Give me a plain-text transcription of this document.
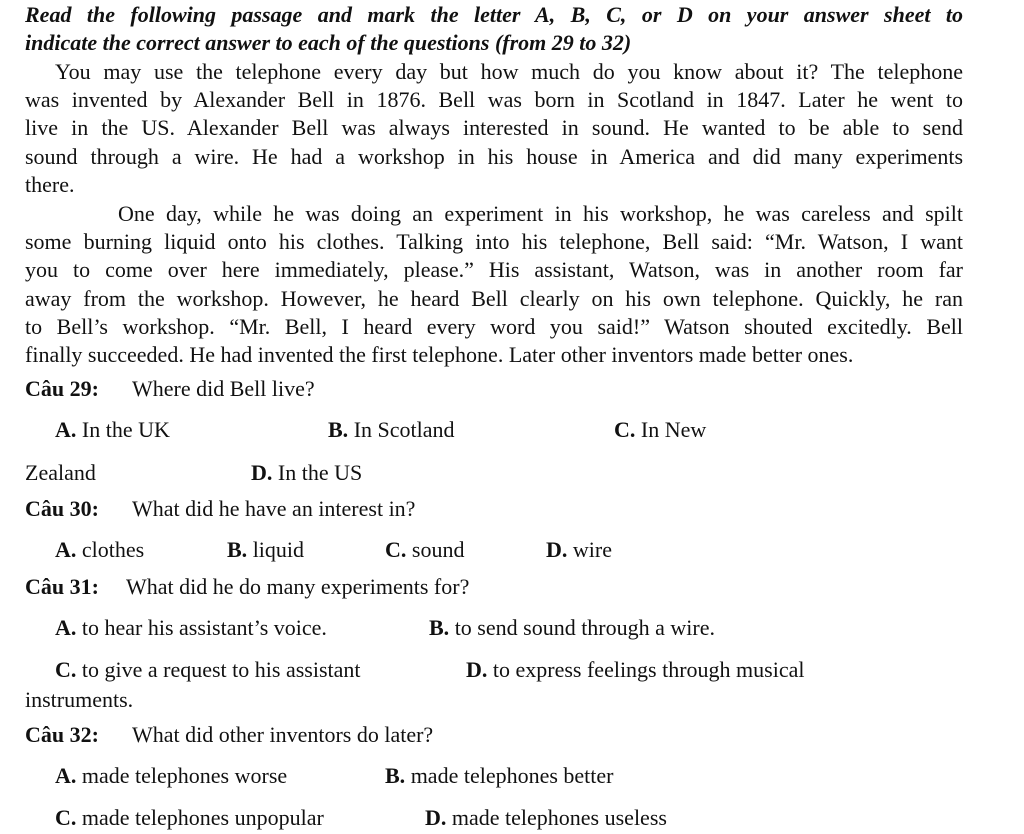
Read the following passage and mark the letter A, B, C, or D on your answer sheet to
indicate the correct answer to each of the questions (from 29 to 32)
You may use the telephone every day but how much do you know about it? The telephone
was invented by Alexander Bell in 1876. Bell was born in Scotland in 1847. Later he went to
live in the US. Alexander Bell was always interested in sound. He wanted to be able to send
sound through a wire. He had a workshop in his house in America and did many experiments
there.
One day, while he was doing an experiment in his workshop, he was careless and spilt
some burning liquid onto his clothes. Talking into his telephone, Bell said: “Mr. Watson, I want
you to come over here immediately, please.” His assistant, Watson, was in another room far
away from the workshop. However, he heard Bell clearly on his own telephone. Quickly, he ran
to Bell’s workshop. “Mr. Bell, I heard every word you said!” Watson shouted excitedly. Bell
finally succeeded. He had invented the first telephone. Later other inventors made better ones.
Câu 29: Where did Bell live?
A. In the UK	B. In Scotland	C. In New
Zealand	D. In the US
Câu 30: What did he have an interest in?
A. clothes	B. liquid	C. sound	D. wire
Câu 31: What did he do many experiments for?
A. to hear his assistant’s voice.	B. to send sound through a wire.
C. to give a request to his assistant	D. to express feelings through musical
instruments.
Câu 32: What did other inventors do later?
A. made telephones worse	B. made telephones better
C. made telephones unpopular	D. made telephones useless
